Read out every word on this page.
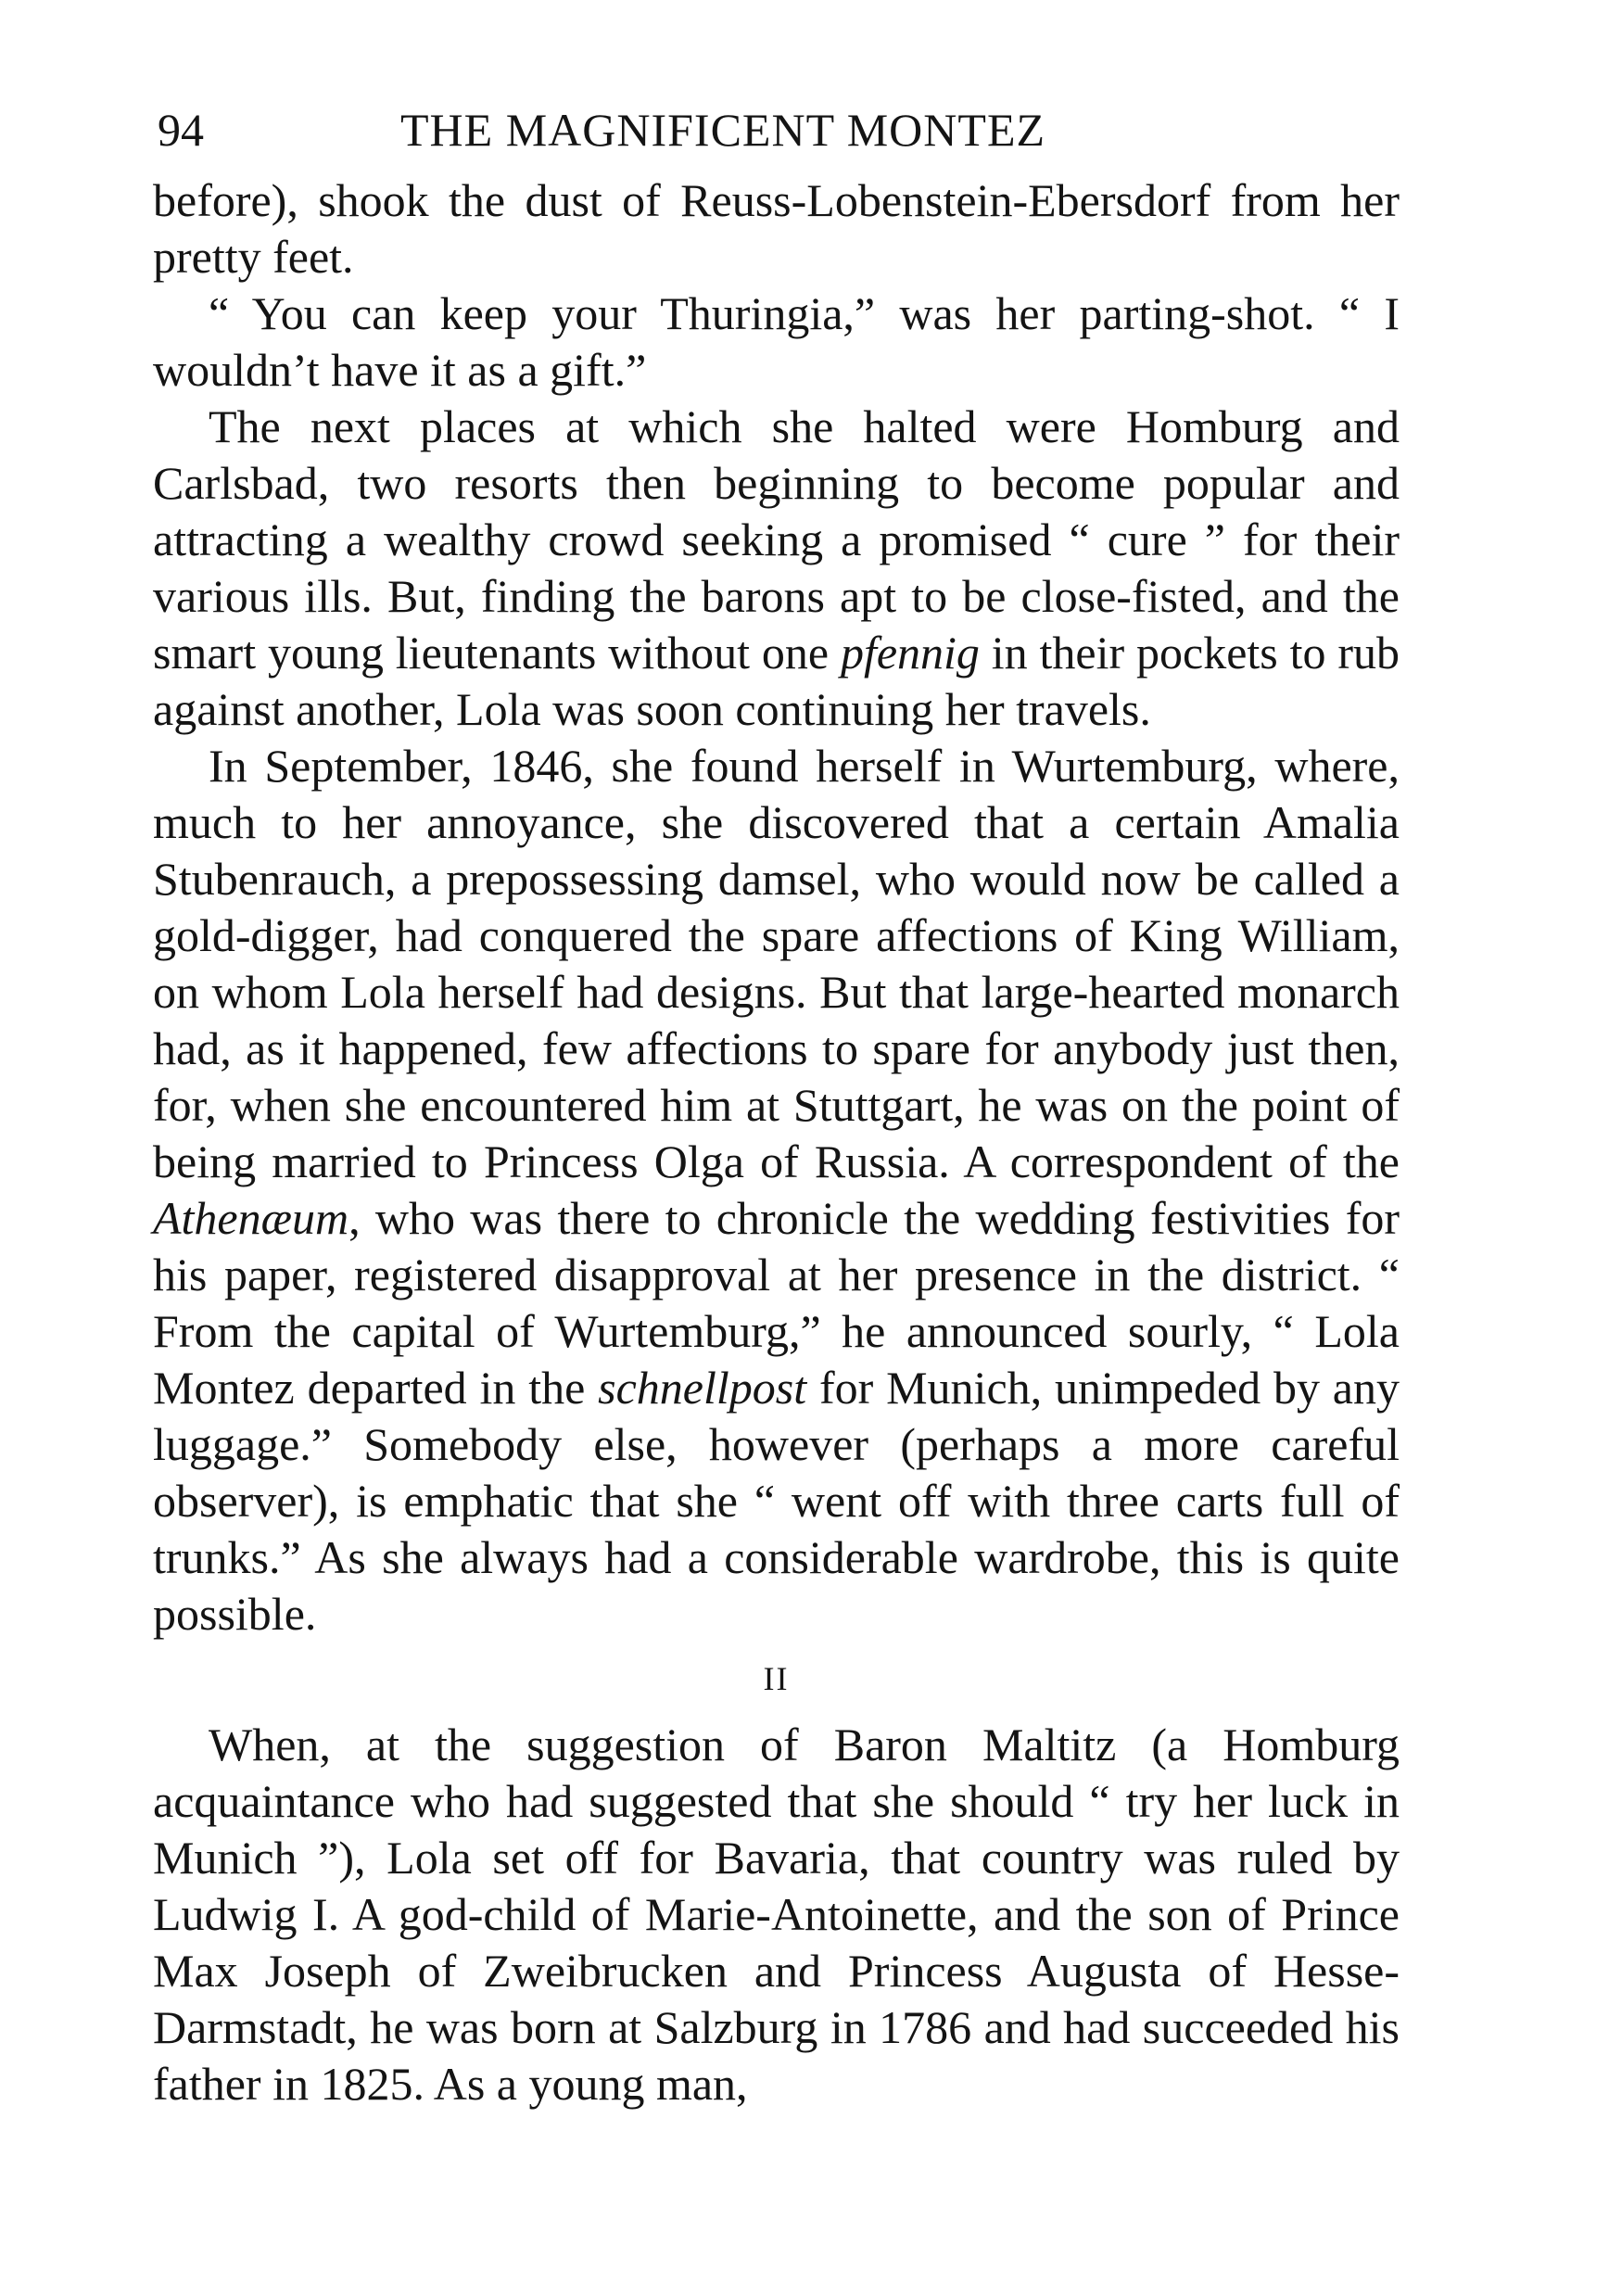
94	THE MAGNIFICENT MONTEZ

before), shook the dust of Reuss-Lobenstein-Ebersdorf from her pretty feet.

“ You can keep your Thuringia,” was her parting-shot. “ I wouldn’t have it as a gift.”

The next places at which she halted were Homburg and Carlsbad, two resorts then beginning to become popular and attracting a wealthy crowd seeking a promised “ cure ” for their various ills. But, finding the barons apt to be close-fisted, and the smart young lieutenants without one pfennig in their pockets to rub against another, Lola was soon continuing her travels.

In September, 1846, she found herself in Wurtemburg, where, much to her annoyance, she discovered that a certain Amalia Stubenrauch, a prepossessing damsel, who would now be called a gold-digger, had conquered the spare affections of King William, on whom Lola herself had designs. But that large-hearted monarch had, as it happened, few affections to spare for anybody just then, for, when she encountered him at Stuttgart, he was on the point of being married to Princess Olga of Russia. A correspondent of the Athenæum, who was there to chronicle the wedding festivities for his paper, registered disapproval at her presence in the district. “ From the capital of Wurtemburg,” he announced sourly, “ Lola Montez departed in the schnellpost for Munich, unimpeded by any luggage.” Somebody else, however (perhaps a more careful observer), is emphatic that she “ went off with three carts full of trunks.” As she always had a considerable wardrobe, this is quite possible.

II

When, at the suggestion of Baron Maltitz (a Homburg acquaintance who had suggested that she should “ try her luck in Munich ”), Lola set off for Bavaria, that country was ruled by Ludwig I. A god-child of Marie-Antoinette, and the son of Prince Max Joseph of Zweibrucken and Princess Augusta of Hesse-Darmstadt, he was born at Salzburg in 1786 and had succeeded his father in 1825. As a young man,
